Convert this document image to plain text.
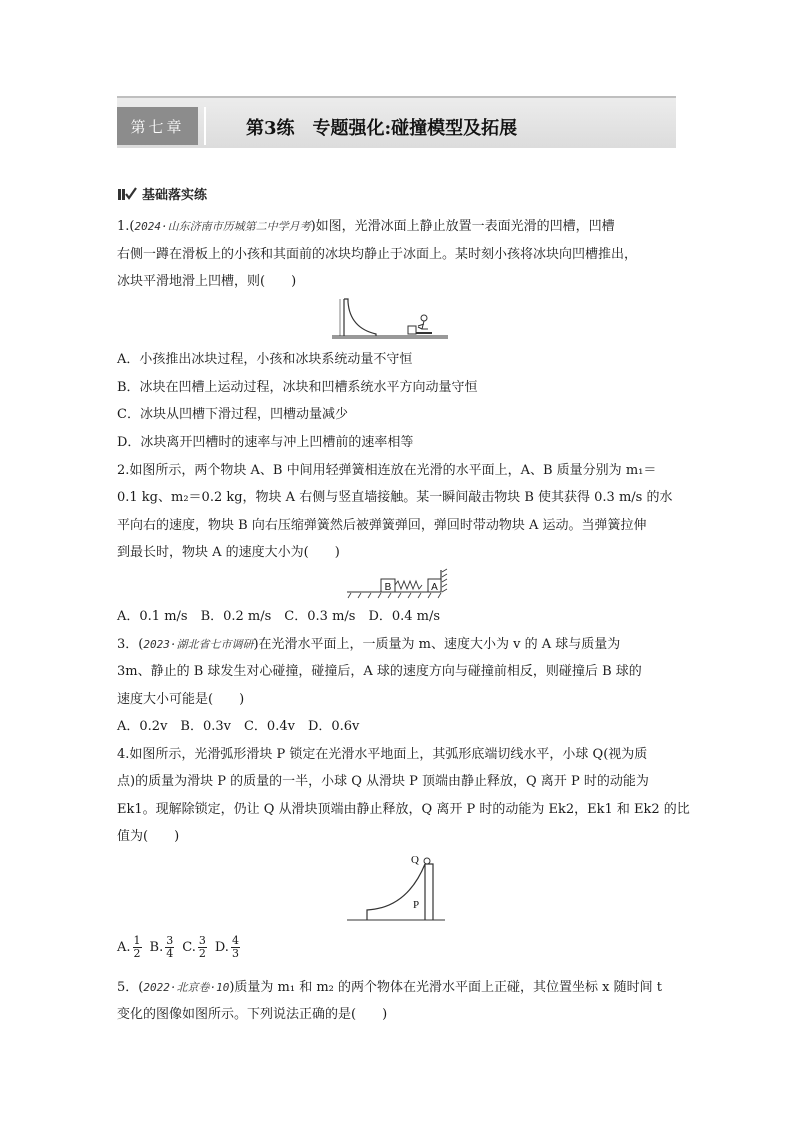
第七章	第3练　专题强化:碰撞模型及拓展
基础落实练
1.(2024·山东济南市历城第二中学月考)如图，光滑冰面上静止放置一表面光滑的凹槽，凹槽
右侧一蹲在滑板上的小孩和其面前的冰块均静止于冰面上。某时刻小孩将冰块向凹槽推出，
冰块平滑地滑上凹槽，则(　　)
A．小孩推出冰块过程，小孩和冰块系统动量不守恒
B．冰块在凹槽上运动过程，冰块和凹槽系统水平方向动量守恒
C．冰块从凹槽下滑过程，凹槽动量减少
D．冰块离开凹槽时的速率与冲上凹槽前的速率相等
2.如图所示，两个物块 A、B 中间用轻弹簧相连放在光滑的水平面上，A、B 质量分别为 m₁＝
0.1 kg、m₂＝0.2 kg，物块 A 右侧与竖直墙接触。某一瞬间敲击物块 B 使其获得 0.3 m/s 的水
平向右的速度，物块 B 向右压缩弹簧然后被弹簧弹回，弹回时带动物块 A 运动。当弹簧拉伸
到最长时，物块 A 的速度大小为(　　)
B	A
A．0.1 m/s　B．0.2 m/s　C．0.3 m/s　D．0.4 m/s
3．(2023·湖北省七市调研)在光滑水平面上，一质量为 m、速度大小为 v 的 A 球与质量为
3m、静止的 B 球发生对心碰撞，碰撞后，A 球的速度方向与碰撞前相反，则碰撞后 B 球的
速度大小可能是(　　)
A．0.2v　B．0.3v　C．0.4v　D．0.6v
4.如图所示，光滑弧形滑块 P 锁定在光滑水平地面上，其弧形底端切线水平，小球 Q(视为质
点)的质量为滑块 P 的质量的一半，小球 Q 从滑块 P 顶端由静止释放，Q 离开 P 时的动能为
Ek1。现解除锁定，仍让 Q 从滑块顶端由静止释放，Q 离开 P 时的动能为 Ek2，Ek1 和 Ek2 的比
值为(　　)
Q
P
A. $\frac{1}{2} B$. $\frac{3}{4} C$. $\frac{3}{2} D$. $\frac{4}{3}$
5．(2022·北京卷·10)质量为 m₁ 和 m₂ 的两个物体在光滑水平面上正碰，其位置坐标 x 随时间 t
变化的图像如图所示。下列说法正确的是(　　)
